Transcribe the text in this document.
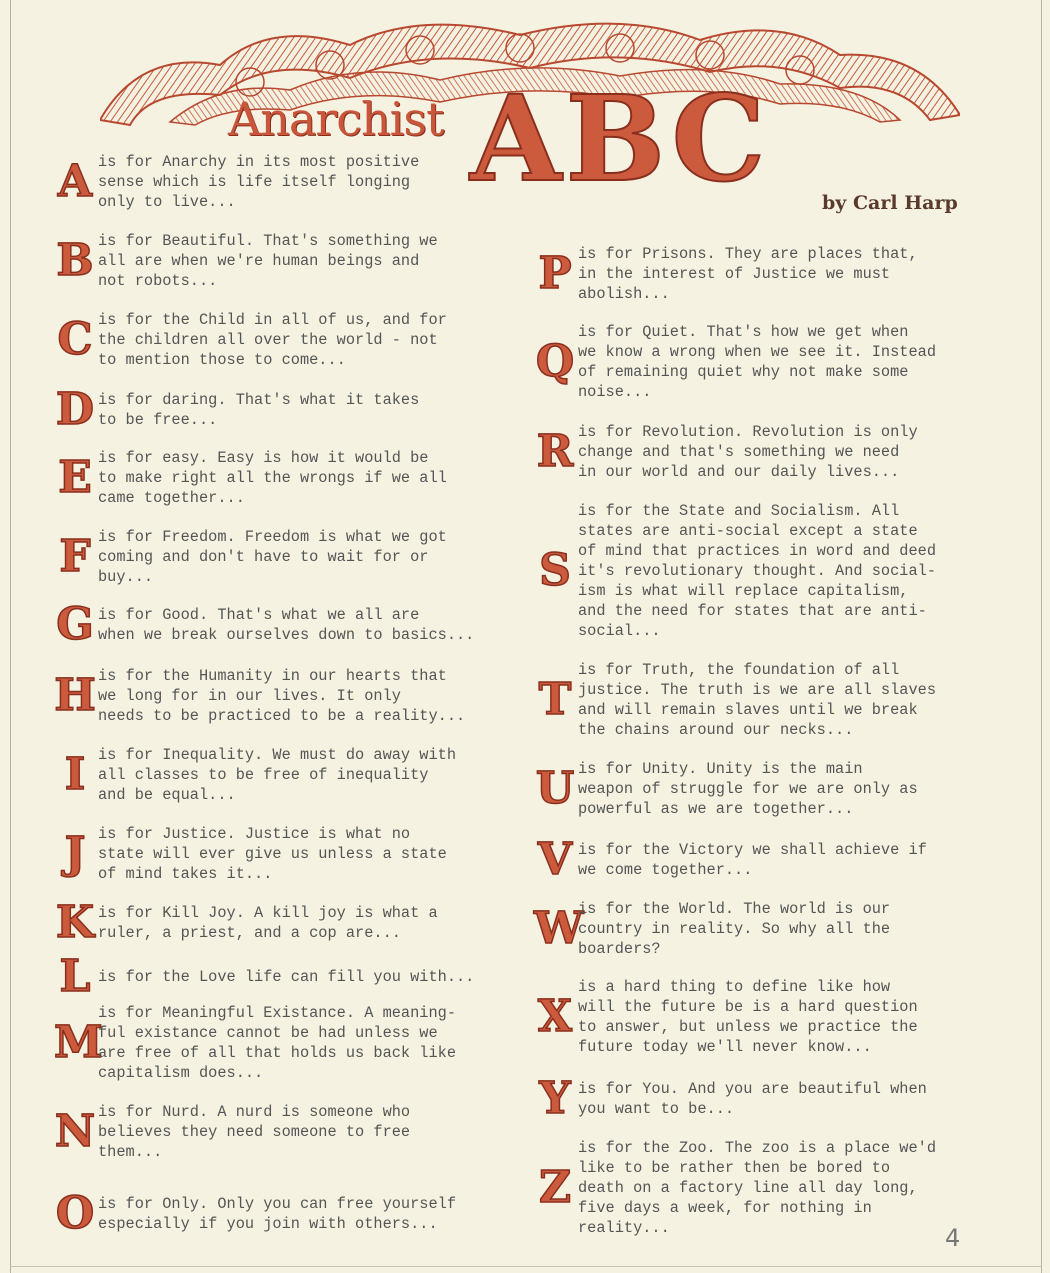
Anarchist ABC	by Carl Harp
A is for Anarchy in its most positive
sense which is life itself longing
only to live...
B is for Beautiful. That's something we
all are when we're human beings and
not robots...
C is for the Child in all of us, and for
the children all over the world - not
to mention those to come...
D is for daring. That's what it takes
to be free...
E is for easy. Easy is how it would be
to make right all the wrongs if we all
came together...
F is for Freedom. Freedom is what we got
coming and don't have to wait for or
buy...
G is for Good. That's what we all are
when we break ourselves down to basics...
H is for the Humanity in our hearts that
we long for in our lives. It only
needs to be practiced to be a reality...
I is for Inequality. We must do away with
all classes to be free of inequality
and be equal...
J is for Justice. Justice is what no
state will ever give us unless a state
of mind takes it...
K is for Kill Joy. A kill joy is what a
ruler, a priest, and a cop are...
L is for the Love life can fill you with...
M
is for Meaningful Existance. A meaning-
ful existance cannot be had unless we
are free of all that holds us back like
capitalism does...
N is for Nurd. A nurd is someone who
believes they need someone to free
them...
O is for Only. Only you can free yourself
especially if you join with others...
P is for Prisons. They are places that,
in the interest of Justice we must
abolish...
Q
is for Quiet. That's how we get when
we know a wrong when we see it. Instead
of remaining quiet why not make some
noise...
R is for Revolution. Revolution is only
change and that's something we need
in our world and our daily lives...
S
is for the State and Socialism. All
states are anti-social except a state
of mind that practices in word and deed
it's revolutionary thought. And social-
ism is what will replace capitalism,
and the need for states that are anti-
social...
T
is for Truth, the foundation of all
justice. The truth is we are all slaves
and will remain slaves until we break
the chains around our necks...
U is for Unity. Unity is the main
weapon of struggle for we are only as
powerful as we are together...
V is for the Victory we shall achieve if
we come together...
W
is for the World. The world is our
country in reality. So why all the
boarders?
X
is a hard thing to define like how
will the future be is a hard question
to answer, but unless we practice the
future today we'll never know...
Y is for You. And you are beautiful when
you want to be...
Z
is for the Zoo. The zoo is a place we'd
like to be rather then be bored to
death on a factory line all day long,
five days a week, for nothing in
reality...	4
